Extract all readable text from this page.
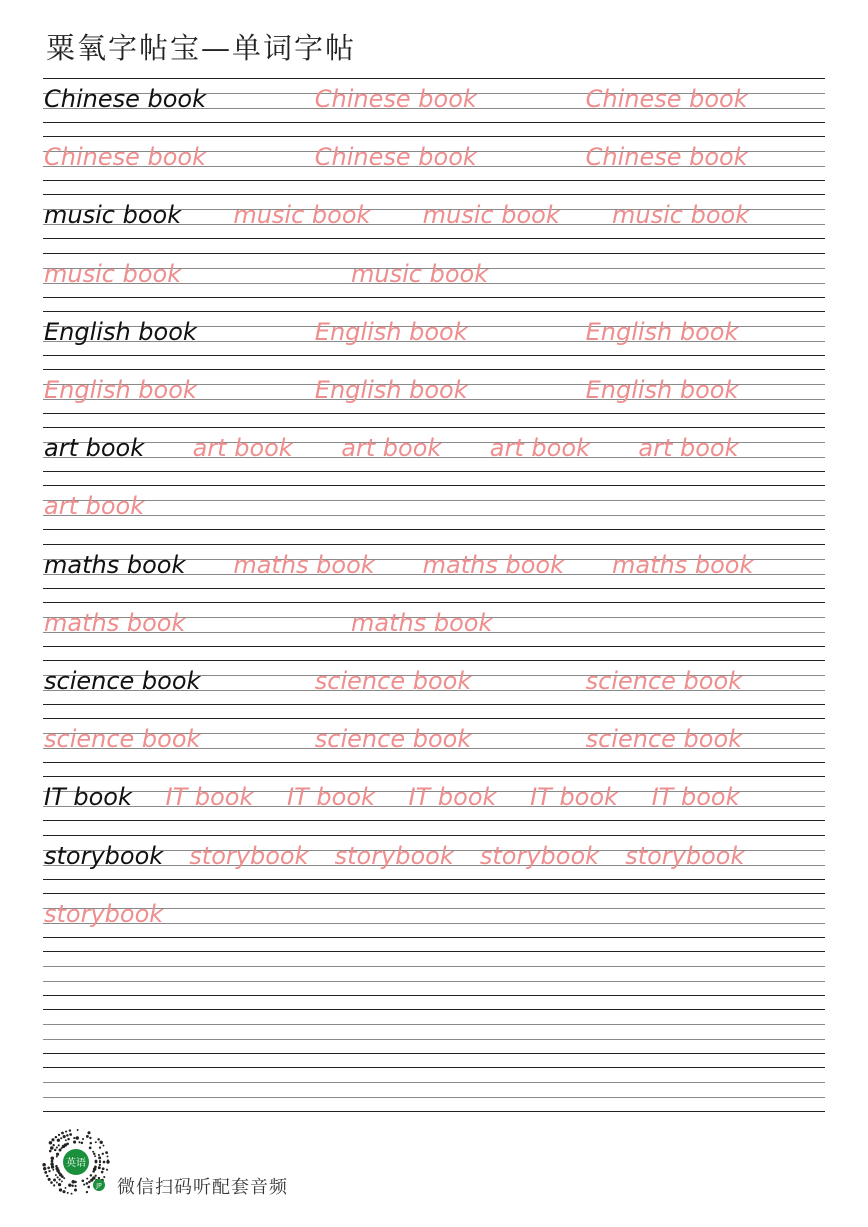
粟氧字帖宝—单词字帖
Chinese book	Chinese book	Chinese book
Chinese book	Chinese book	Chinese book
music book music book music book music book
music book	music book
English book	English book	English book
English book	English book	English book
art book art book art book art book art book
art book
maths book maths book maths book maths book
maths book	maths book
science book	science book	science book
science book	science book	science book
IT book IT book IT book IT book IT book IT book
storybook storybook storybook storybook storybook
storybook
英语
JP 微信扫码听配套音频
